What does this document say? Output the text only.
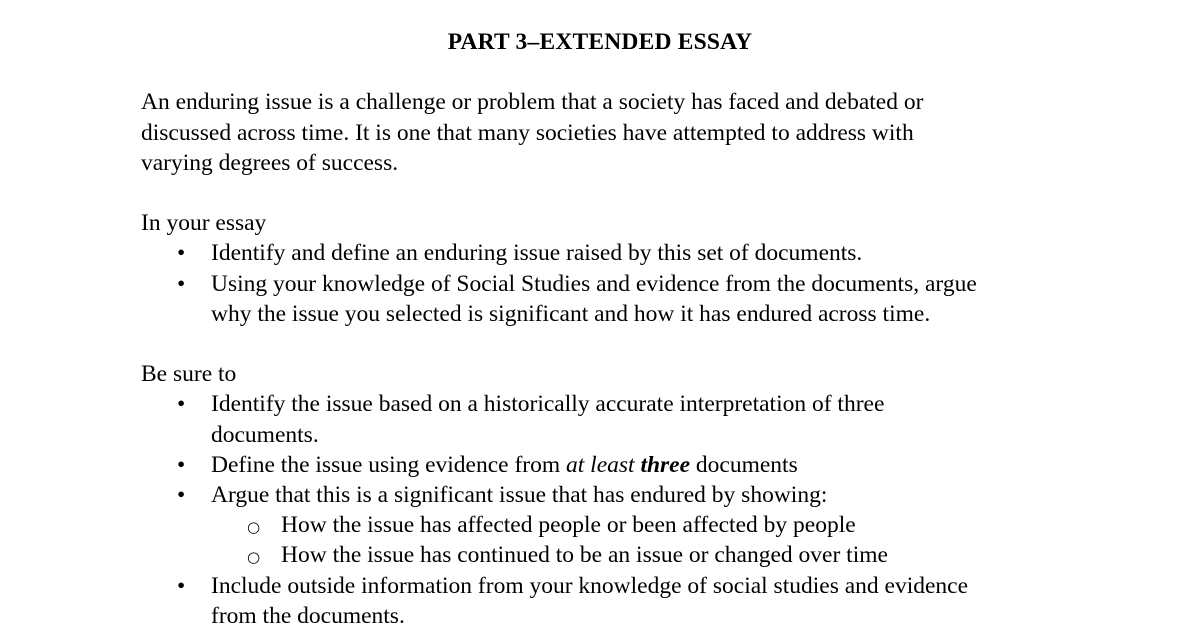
PART 3–EXTENDED ESSAY
An enduring issue is a challenge or problem that a society has faced and debated or
discussed across time. It is one that many societies have attempted to address with
varying degrees of success.
In your essay
• Identify and define an enduring issue raised by this set of documents.
• Using your knowledge of Social Studies and evidence from the documents, argue
why the issue you selected is significant and how it has endured across time.
Be sure to
• Identify the issue based on a historically accurate interpretation of three
documents.
• Define the issue using evidence from at least three documents
• Argue that this is a significant issue that has endured by showing:
○ How the issue has affected people or been affected by people
○ How the issue has continued to be an issue or changed over time
• Include outside information from your knowledge of social studies and evidence
from the documents.
